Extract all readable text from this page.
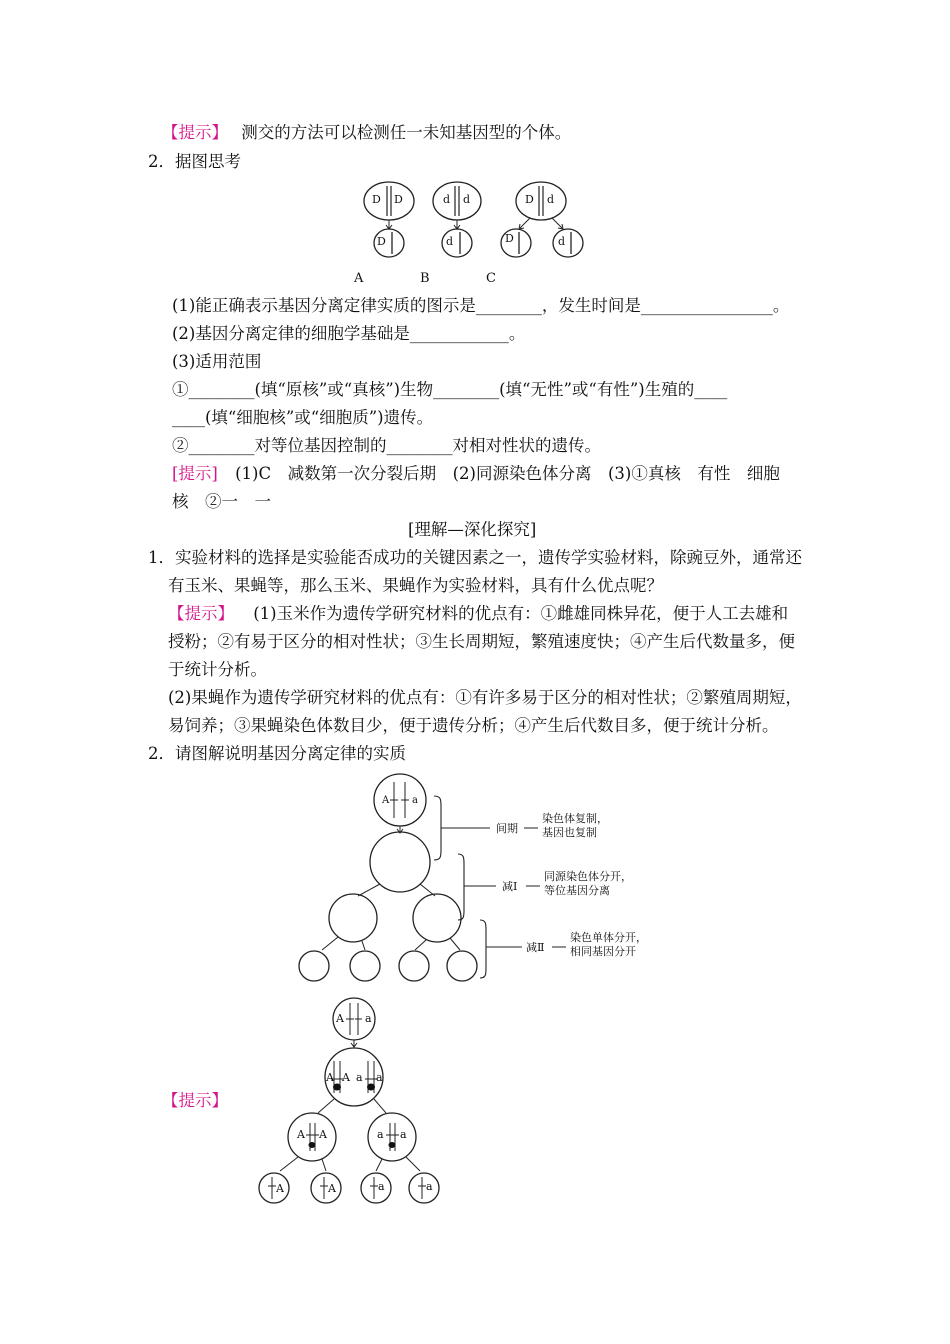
【提示】 测交的方法可以检测任一未知基因型的个体。
2．据图思考
D D
D
d d
d
D d
D	d
A	B	C
(1)能正确表示基因分离定律实质的图示是________，发生时间是________________。
(2)基因分离定律的细胞学基础是____________。
(3)适用范围
①________(填“原核”或“真核”)生物________(填“无性”或“有性”)生殖的____
____(填“细胞核”或“细胞质”)遗传。
②________对等位基因控制的________对相对性状的遗传。
[提示] (1)C　减数第一次分裂后期　(2)同源染色体分离　(3)①真核　有性　细胞
核　②一　一
[理解—深化探究]
1．实验材料的选择是实验能否成功的关键因素之一，遗传学实验材料，除豌豆外，通常还
有玉米、果蝇等，那么玉米、果蝇作为实验材料，具有什么优点呢？
【提示】 (1)玉米作为遗传学研究材料的优点有：①雌雄同株异花，便于人工去雄和
授粉；②有易于区分的相对性状；③生长周期短，繁殖速度快；④产生后代数量多，便
于统计分析。
(2)果蝇作为遗传学研究材料的优点有：①有许多易于区分的相对性状；②繁殖周期短，
易饲养；③果蝇染色体数目少，便于遗传分析；④产生后代数目多，便于统计分析。
2．请图解说明基因分离定律的实质
A a
间期
染色体复制，
基因也复制
减Ⅰ
同源染色体分开，
等位基因分离
减Ⅱ
染色单体分开，
相同基因分开
【提示】
A a
A A a a
A A	a a
A	A	a	a
